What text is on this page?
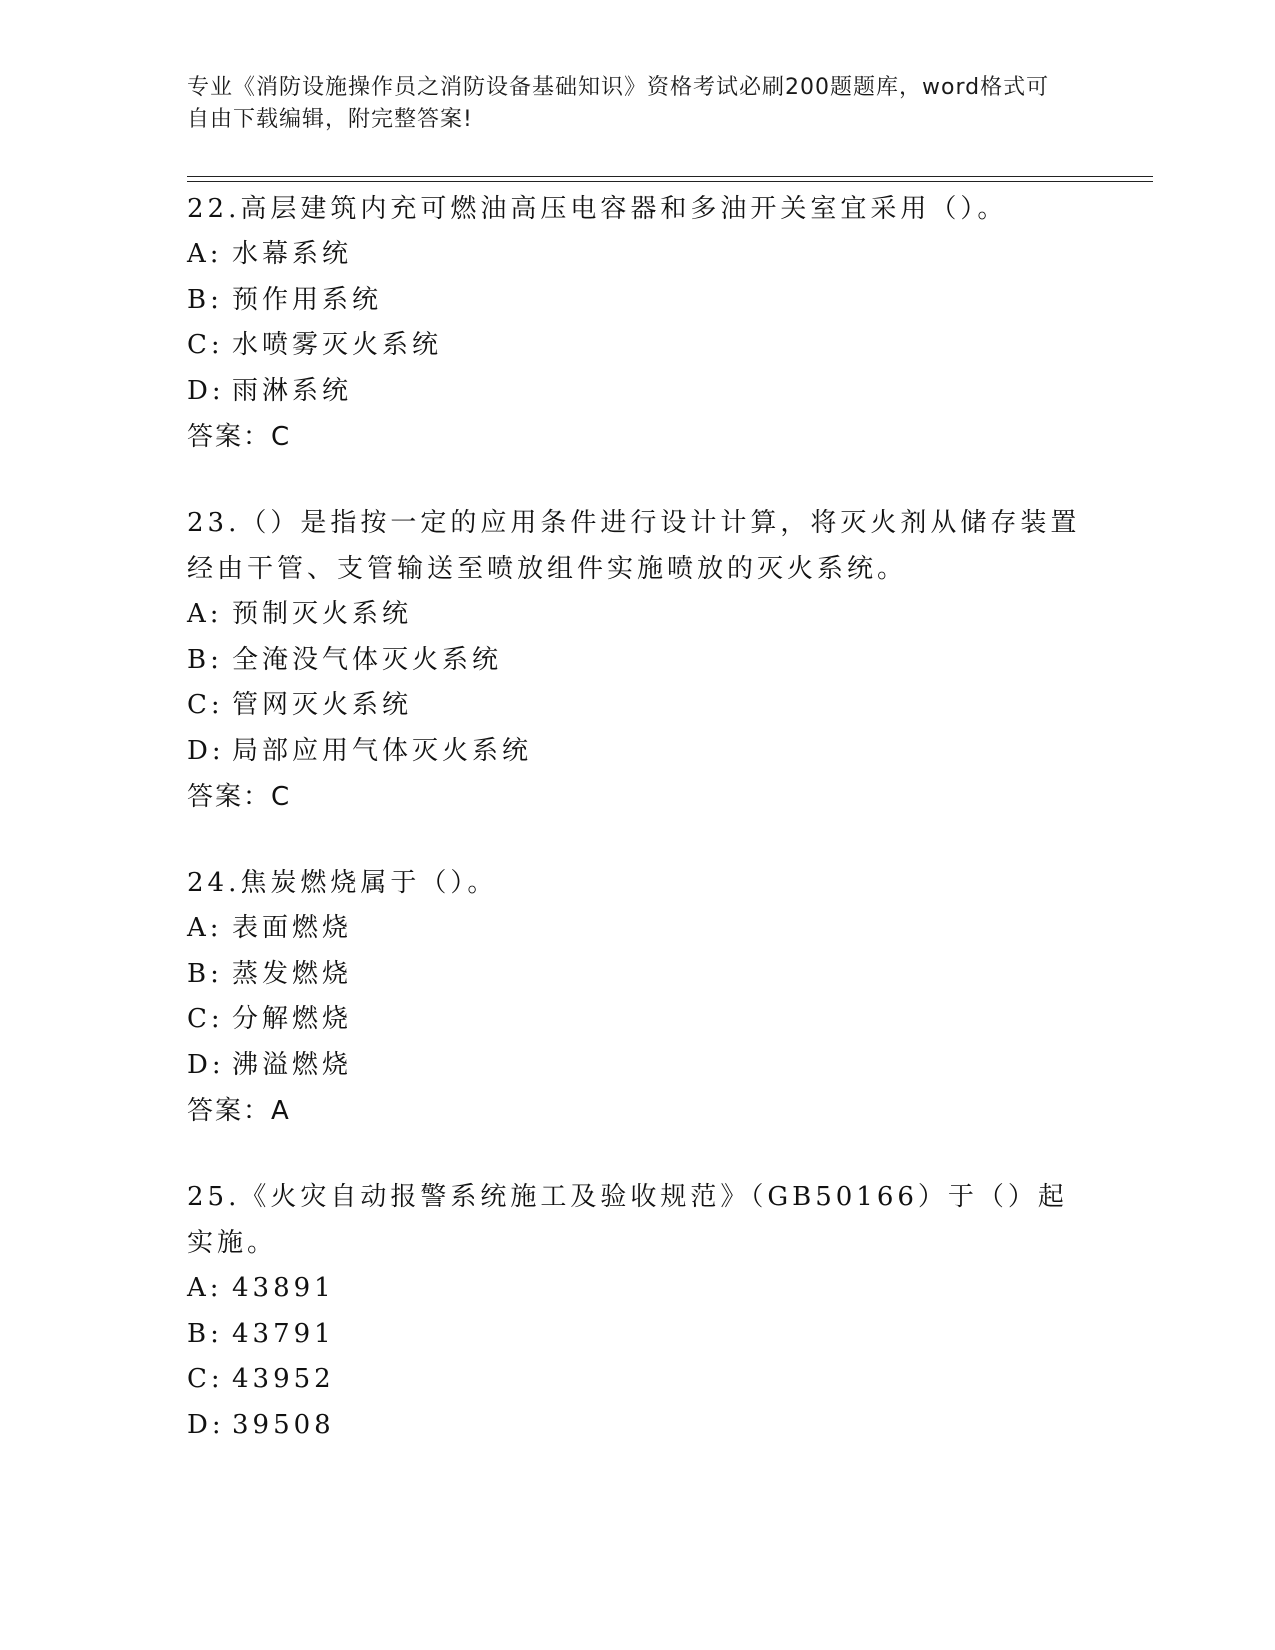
专业《消防设施操作员之消防设备基础知识》资格考试必刷200题题库，word格式可自由下载编辑，附完整答案!

22.高层建筑内充可燃油高压电容器和多油开关室宜采用（）。

A: 水幕系统

B: 预作用系统

C: 水喷雾灭火系统

D: 雨淋系统

答案：C

23.（）是指按一定的应用条件进行设计计算，将灭火剂从储存装置经由干管、支管输送至喷放组件实施喷放的灭火系统。

A: 预制灭火系统

B: 全淹没气体灭火系统

C: 管网灭火系统

D: 局部应用气体灭火系统

答案：C

24.焦炭燃烧属于（）。

A: 表面燃烧

B: 蒸发燃烧

C: 分解燃烧

D: 沸溢燃烧

答案：A

25.《火灾自动报警系统施工及验收规范》（GB50166）于（）起实施。

A: 43891

B: 43791

C: 43952

D: 39508
